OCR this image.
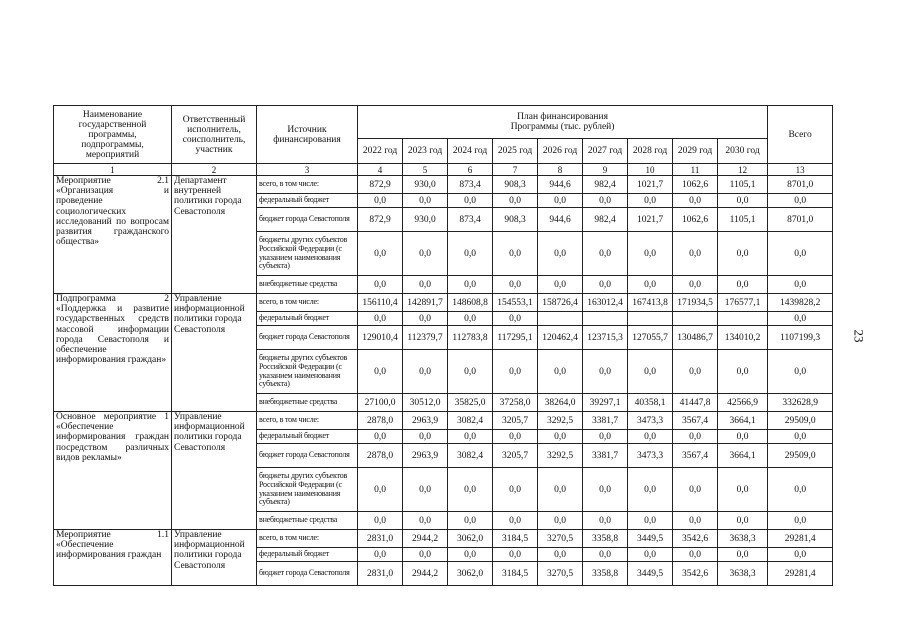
23
Наименование государственной программы, подпрограммы, мероприятий	Ответственный исполнитель, соисполнитель, участник	Источник финансирования	План финансирования Программы (тыс. рублей)									Всего
			2022 год	2023 год	2024 год	2025 год	2026 год	2027 год	2028 год	2029 год	2030 год	
1	2	3	4	5	6	7	8	9	10	11	12	13
Мероприятие 2.1 «Организация и проведение социологических исследований по вопросам развития гражданского общества»	Департамент внутренней политики города Севастополя	всего, в том числе:	872,9	930,0	873,4	908,3	944,6	982,4	1021,7	1062,6	1105,1	8701,0
		федеральный бюджет	0,0	0,0	0,0	0,0	0,0	0,0	0,0	0,0	0,0	0,0
		бюджет города Севастополя	872,9	930,0	873,4	908,3	944,6	982,4	1021,7	1062,6	1105,1	8701,0
		бюджеты других субъектов Российской Федерации (с указанием наименования субъекта)	0,0	0,0	0,0	0,0	0,0	0,0	0,0	0,0	0,0	0,0
		внебюджетные средства	0,0	0,0	0,0	0,0	0,0	0,0	0,0	0,0	0,0	0,0
Подпрограмма 2 «Поддержка и развитие государственных средств массовой информации города Севастополя и обеспечение информирования граждан»	Управление информационной политики города Севастополя	всего, в том числе:	156110,4	142891,7	148608,8	154553,1	158726,4	163012,4	167413,8	171934,5	176577,1	1439828,2
		федеральный бюджет	0,0	0,0	0,0	0,0						0,0
		бюджет города Севастополя	129010,4	112379,7	112783,8	117295,1	120462,4	123715,3	127055,7	130486,7	134010,2	1107199,3
		бюджеты других субъектов Российской Федерации (с указанием наименования субъекта)	0,0	0,0	0,0	0,0	0,0	0,0	0,0	0,0	0,0	0,0
		внебюджетные средства	27100,0	30512,0	35825,0	37258,0	38264,0	39297,1	40358,1	41447,8	42566,9	332628,9
Основное мероприятие 1 «Обеспечение информирования граждан посредством различных видов рекламы»	Управление информационной политики города Севастополя	всего, в том числе:	2878,0	2963,9	3082,4	3205,7	3292,5	3381,7	3473,3	3567,4	3664,1	29509,0
		федеральный бюджет	0,0	0,0	0,0	0,0	0,0	0,0	0,0	0,0	0,0	0,0
		бюджет города Севастополя	2878,0	2963,9	3082,4	3205,7	3292,5	3381,7	3473,3	3567,4	3664,1	29509,0
		бюджеты других субъектов Российской Федерации (с указанием наименования субъекта)	0,0	0,0	0,0	0,0	0,0	0,0	0,0	0,0	0,0	0,0
		внебюджетные средства	0,0	0,0	0,0	0,0	0,0	0,0	0,0	0,0	0,0	0,0
Мероприятие 1.1 «Обеспечение информирования граждан	Управление информационной политики города Севастополя	всего, в том числе:	2831,0	2944,2	3062,0	3184,5	3270,5	3358,8	3449,5	3542,6	3638,3	29281,4
		федеральный бюджет	0,0	0,0	0,0	0,0	0,0	0,0	0,0	0,0	0,0	0,0
		бюджет города Севастополя	2831,0	2944,2	3062,0	3184,5	3270,5	3358,8	3449,5	3542,6	3638,3	29281,4
